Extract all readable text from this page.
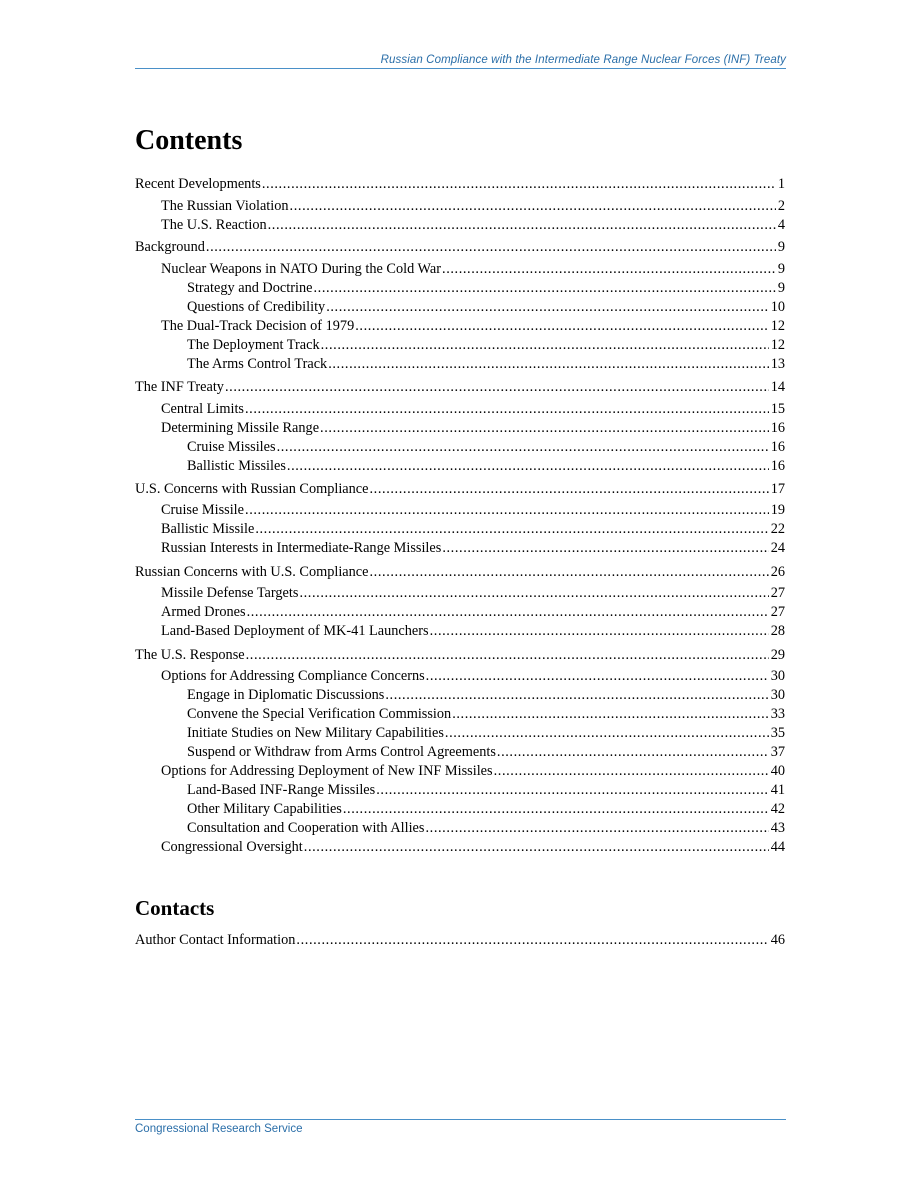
Russian Compliance with the Intermediate Range Nuclear Forces (INF) Treaty
Contents
Recent Developments .....	1
The Russian Violation .....	2
The U.S. Reaction .....	4
Background .....	9
Nuclear Weapons in NATO During the Cold War .....	9
Strategy and Doctrine .....	9
Questions of Credibility .....	10
The Dual-Track Decision of 1979 .....	12
The Deployment Track .....	12
The Arms Control Track .....	13
The INF Treaty .....	14
Central Limits .....	15
Determining Missile Range .....	16
Cruise Missiles .....	16
Ballistic Missiles .....	16
U.S. Concerns with Russian Compliance .....	17
Cruise Missile .....	19
Ballistic Missile .....	22
Russian Interests in Intermediate-Range Missiles .....	24
Russian Concerns with U.S. Compliance .....	26
Missile Defense Targets .....	27
Armed Drones .....	27
Land-Based Deployment of MK-41 Launchers .....	28
The U.S. Response .....	29
Options for Addressing Compliance Concerns .....	30
Engage in Diplomatic Discussions .....	30
Convene the Special Verification Commission .....	33
Initiate Studies on New Military Capabilities .....	35
Suspend or Withdraw from Arms Control Agreements .....	37
Options for Addressing Deployment of New INF Missiles .....	40
Land-Based INF-Range Missiles .....	41
Other Military Capabilities .....	42
Consultation and Cooperation with Allies .....	43
Congressional Oversight .....	44
Contacts
Author Contact Information .....	46
Congressional Research Service
